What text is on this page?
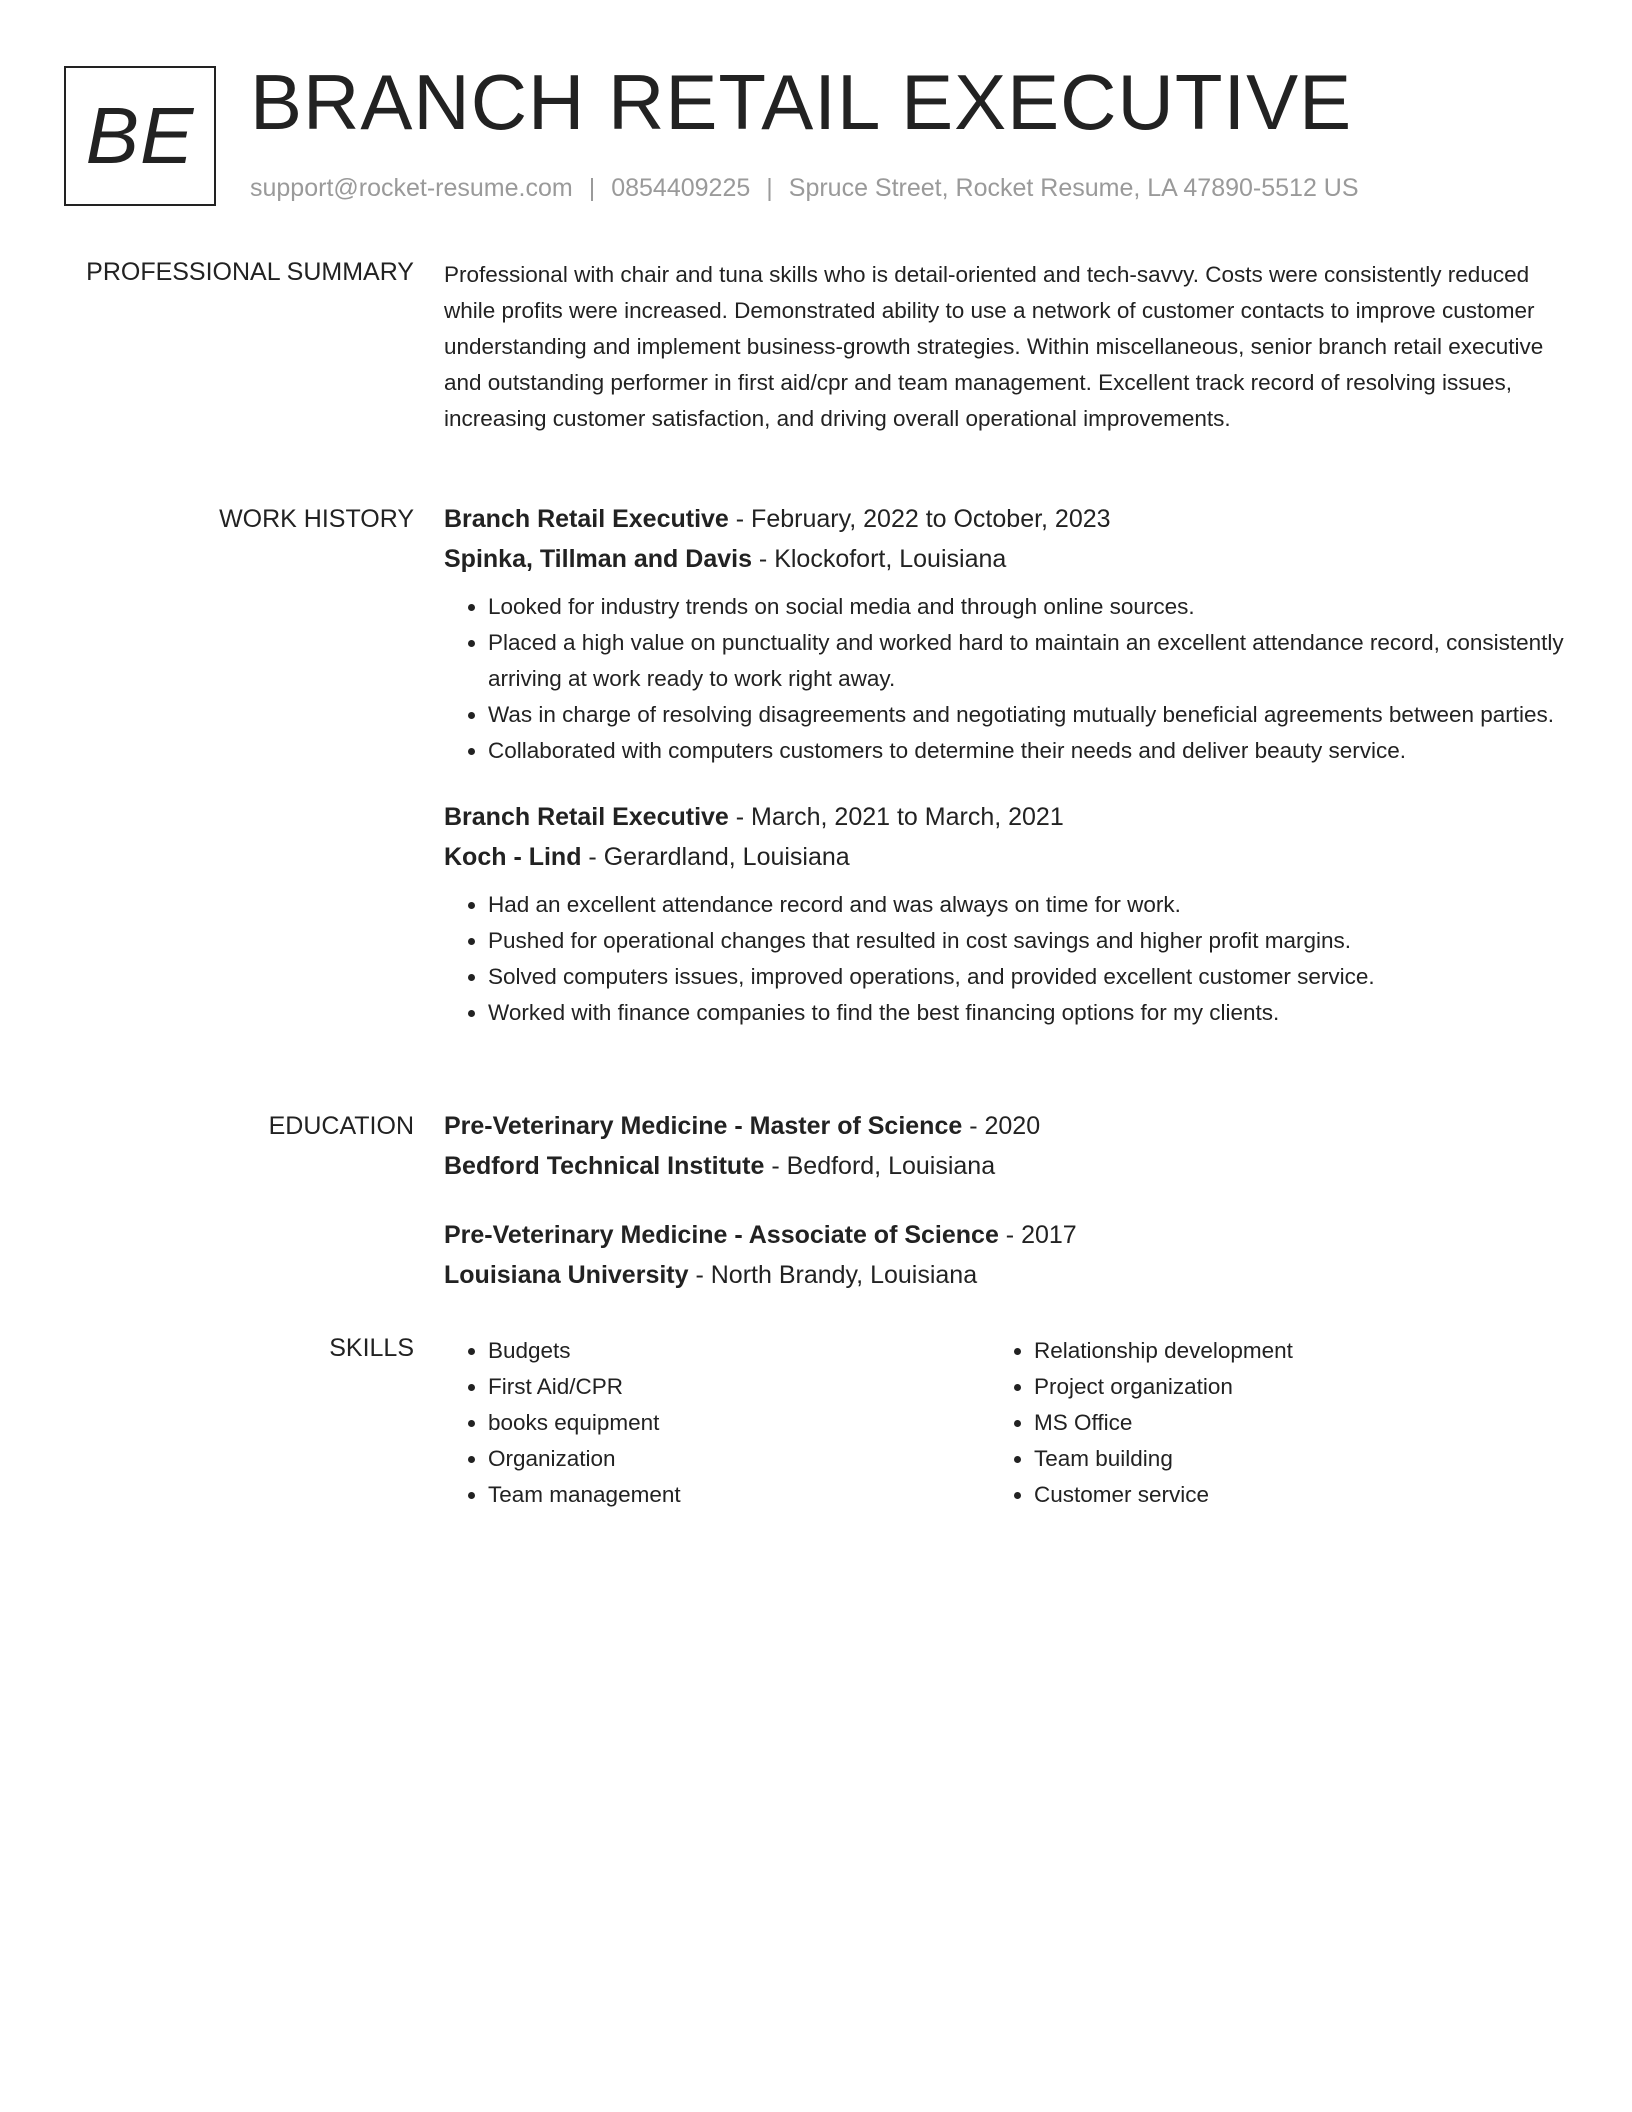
BE BRANCH RETAIL EXECUTIVE
support@rocket-resume.com | 0854409225 | Spruce Street, Rocket Resume, LA 47890-5512 US
PROFESSIONAL SUMMARY Professional with chair and tuna skills who is detail-oriented and tech-savvy. Costs were consistently reduced while profits were increased. Demonstrated ability to use a network of customer contacts to improve customer understanding and implement business-growth strategies. Within miscellaneous, senior branch retail executive and outstanding performer in first aid/cpr and team management. Excellent track record of resolving issues, increasing customer satisfaction, and driving overall operational improvements.

WORK HISTORY Branch Retail Executive - February, 2022 to October, 2023
Spinka, Tillman and Davis - Klockofort, Louisiana
• Looked for industry trends on social media and through online sources.
• Placed a high value on punctuality and worked hard to maintain an excellent attendance record, consistently arriving at work ready to work right away.
• Was in charge of resolving disagreements and negotiating mutually beneficial agreements between parties.
• Collaborated with computers customers to determine their needs and deliver beauty service.
Branch Retail Executive - March, 2021 to March, 2021
Koch - Lind - Gerardland, Louisiana
• Had an excellent attendance record and was always on time for work.
• Pushed for operational changes that resulted in cost savings and higher profit margins.
• Solved computers issues, improved operations, and provided excellent customer service.
• Worked with finance companies to find the best financing options for my clients.
EDUCATION Pre-Veterinary Medicine - Master of Science - 2020
Bedford Technical Institute - Bedford, Louisiana
Pre-Veterinary Medicine - Associate of Science - 2017
Louisiana University - North Brandy, Louisiana
SKILLS
•	Budgets
• First Aid/CPR
• books equipment
• Organization
• Team management
• Relationship development
• Project organization
• MS Office
• Team building
• Customer service
